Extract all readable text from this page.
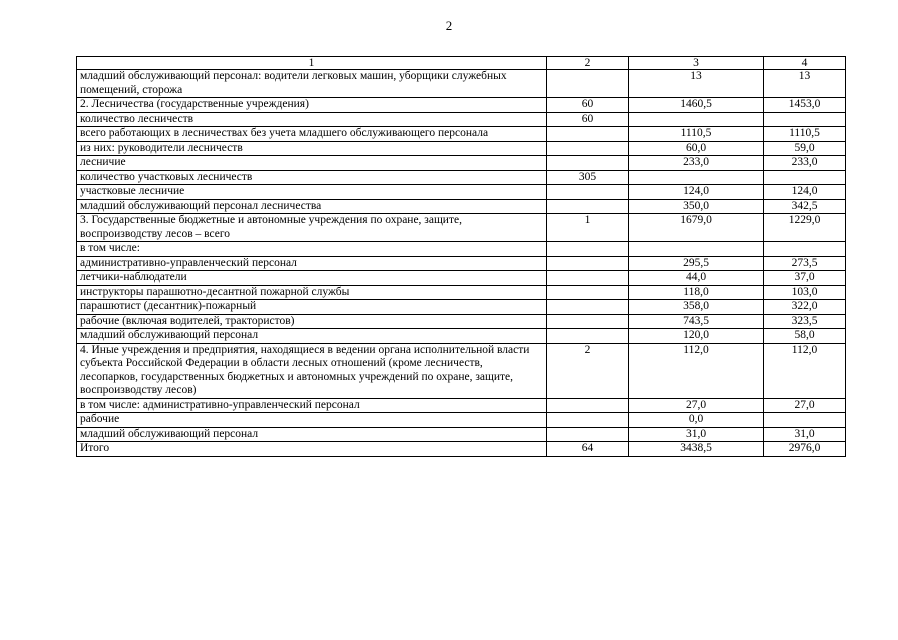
2
1	2	3	4
младший обслуживающий персонал: водители легковых машин, уборщики служебных помещений, сторожа		13	13
2. Лесничества (государственные учреждения)	60	1460,5	1453,0
количество лесничеств	60		
всего работающих в лесничествах без учета младшего обслуживающего персонала		1110,5	1110,5
из них: руководители лесничеств		60,0	59,0
лесничие		233,0	233,0
количество участковых лесничеств	305		
участковые лесничие		124,0	124,0
младший обслуживающий персонал лесничества		350,0	342,5
3. Государственные бюджетные и автономные учреждения по охране, защите, воспроизводству лесов – всего	1	1679,0	1229,0
в том числе:			
административно-управленческий персонал		295,5	273,5
летчики-наблюдатели		44,0	37,0
инструкторы парашютно-десантной пожарной службы		118,0	103,0
парашютист (десантник)-пожарный		358,0	322,0
рабочие (включая водителей, трактористов)		743,5	323,5
младший обслуживающий персонал		120,0	58,0
4. Иные учреждения и предприятия, находящиеся в ведении органа исполнительной власти субъекта Российской Федерации в области лесных отношений (кроме лесничеств, лесопарков, государственных бюджетных и автономных учреждений по охране, защите, воспроизводству лесов)	2	112,0	112,0
в том числе: административно-управленческий персонал		27,0	27,0
рабочие		0,0	
младший обслуживающий персонал		31,0	31,0
Итого	64	3438,5	2976,0
